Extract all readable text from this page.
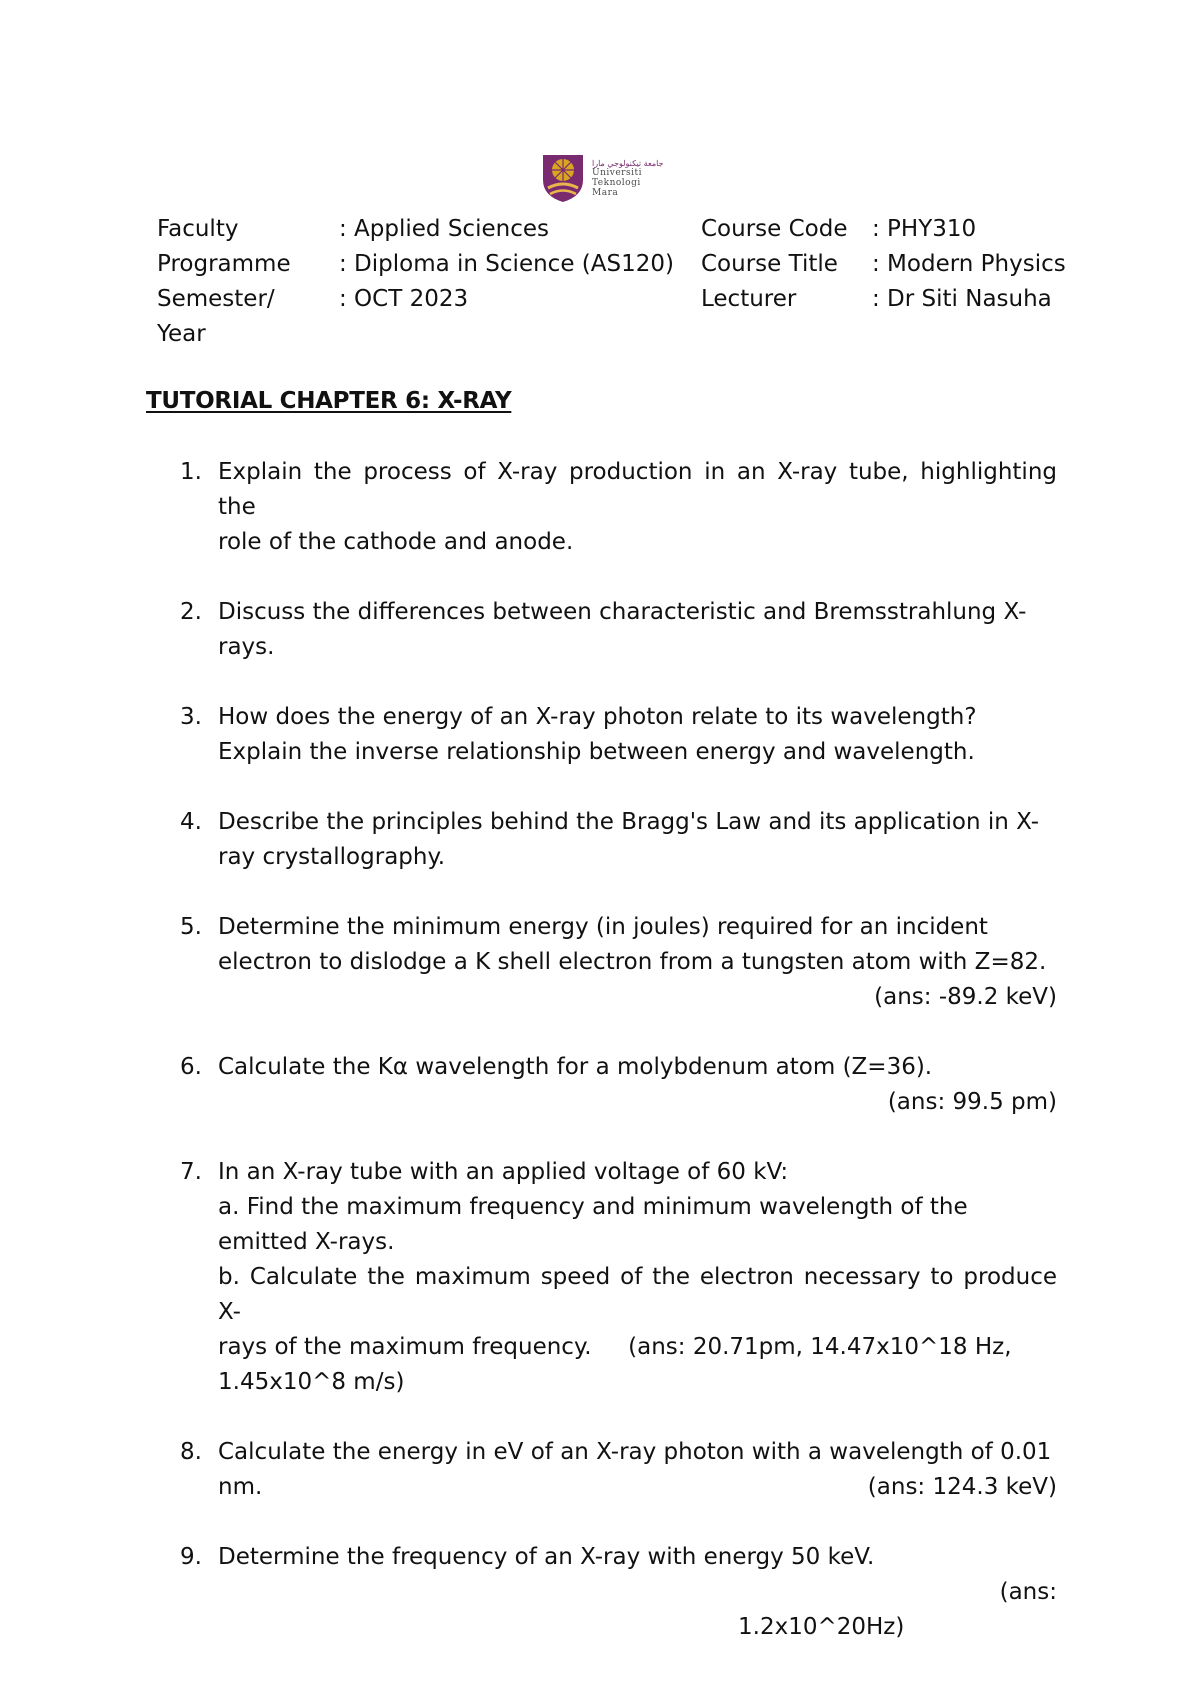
ﺟﺎﻣﻌﺔ ﺗﻴﻜﻨﻮﻟﻮﺟﻲ ﻣﺎﺭﺍ
Universiti
Teknologi
Mara
Faculty	: Applied Sciences	Course Code : PHY310
Programme	: Diploma in Science (AS120) Course Title : Modern Physics
Semester/
Year
: OCT 2023	Lecturer	: Dr Siti Nasuha
TUTORIAL CHAPTER 6: X-RAY
1. Explain the process of X-ray production in an X-ray tube, highlighting the
role of the cathode and anode.
2. Discuss the differences between characteristic and Bremsstrahlung X-
rays.
3. How does the energy of an X-ray photon relate to its wavelength?
Explain the inverse relationship between energy and wavelength.
4. Describe the principles behind the Bragg's Law and its application in X-
ray crystallography.
5. Determine the minimum energy (in joules) required for an incident
electron to dislodge a K shell electron from a tungsten atom with Z=82.
(ans: -89.2 keV)
6. Calculate the Kα wavelength for a molybdenum atom (Z=36).
(ans: 99.5 pm)
7. In an X-ray tube with an applied voltage of 60 kV:
a. Find the maximum frequency and minimum wavelength of the
emitted X-rays.
b. Calculate the maximum speed of the electron necessary to produce X-
rays of the maximum frequency.     (ans: 20.71pm, 14.47x10^18 Hz,
1.45x10^8 m/s)
8. Calculate the energy in eV of an X-ray photon with a wavelength of 0.01
nm.	(ans: 124.3 keV)
9. Determine the frequency of an X-ray with energy 50 keV.
(ans:
1.2x10^20Hz)
